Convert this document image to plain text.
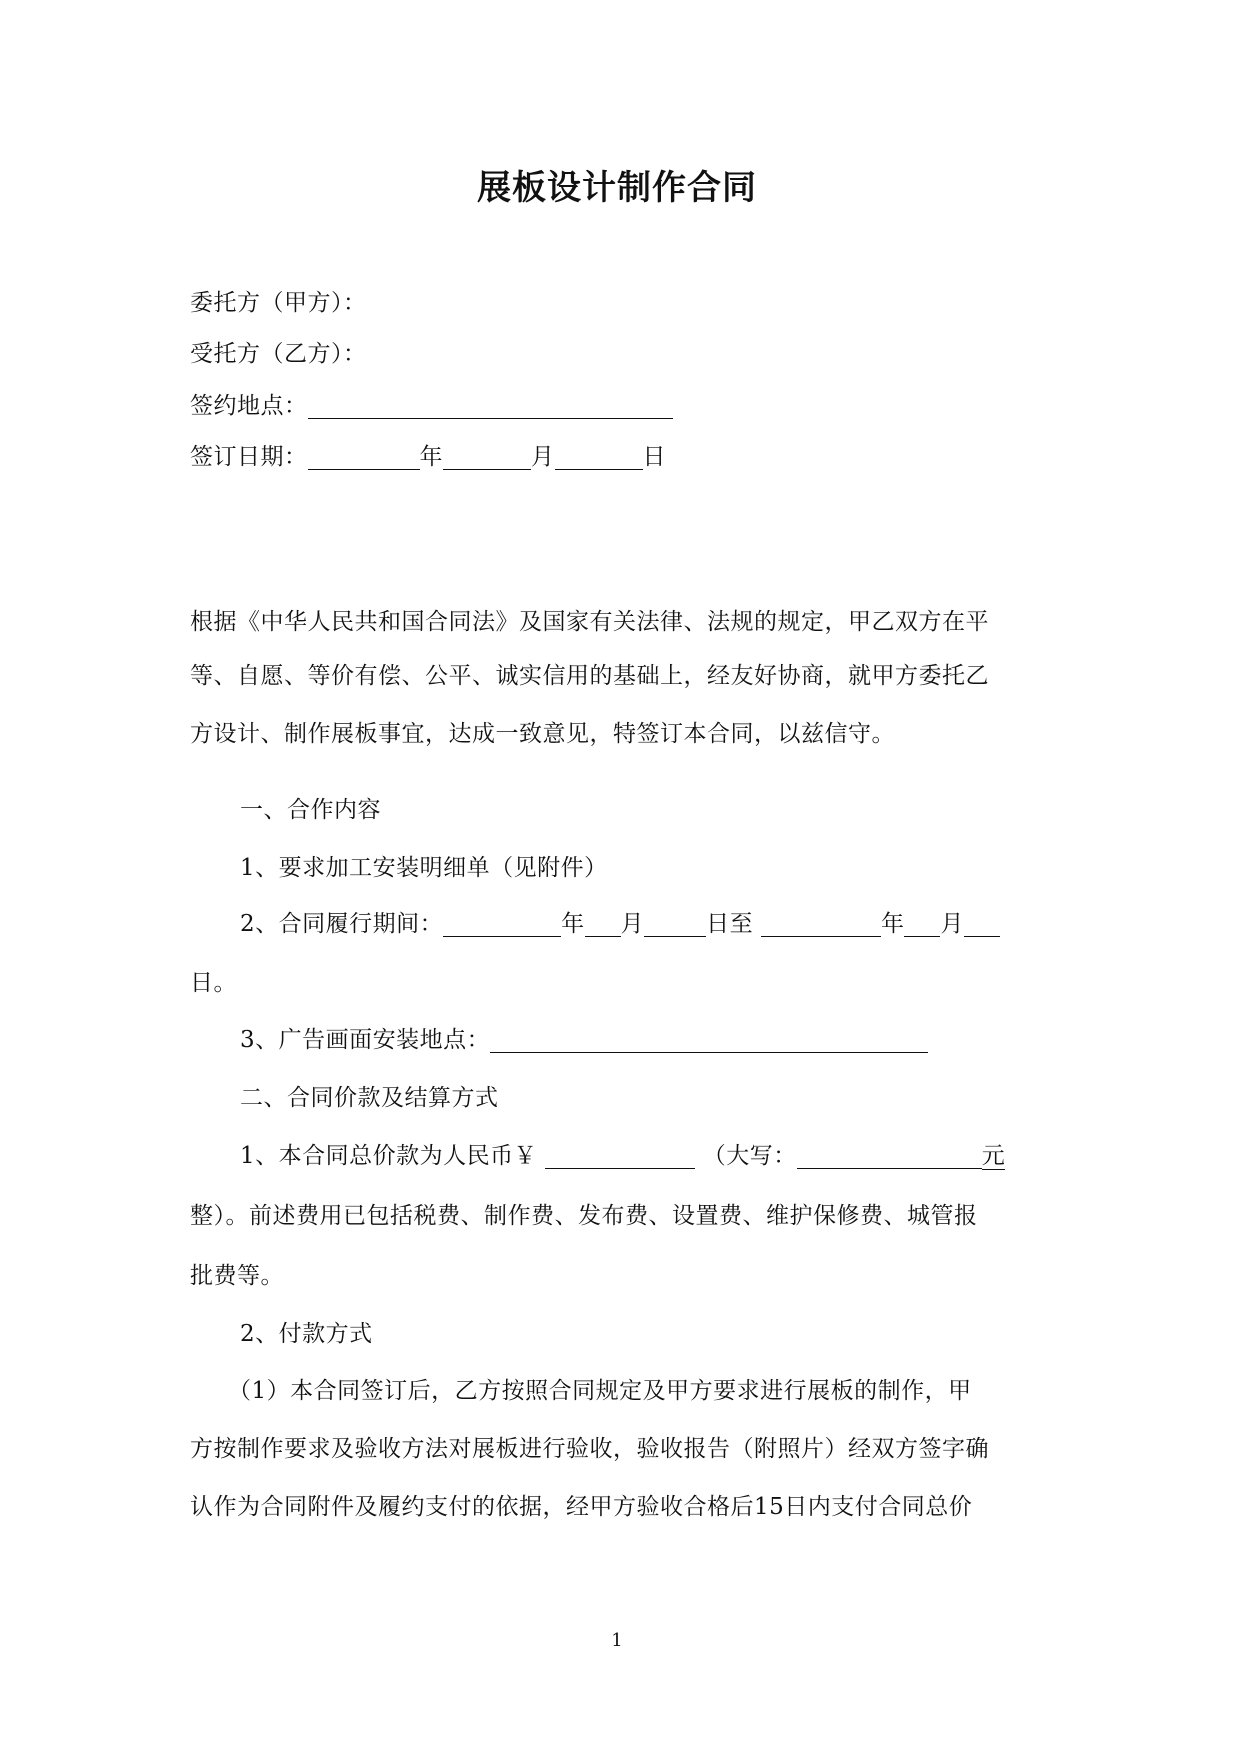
展板设计制作合同
委托方（甲方）：
受托方（乙方）：
签约地点：
签订日期：	年	月	日
根据《中华人民共和国合同法》及国家有关法律、法规的规定，甲乙双方在平
等、自愿、等价有偿、公平、诚实信用的基础上，经友好协商，就甲方委托乙
方设计、制作展板事宜，达成一致意见，特签订本合同，以兹信守。
一、合作内容
1、要求加工安装明细单（见附件）
2、合同履行期间：	年 月	日至	年 月
日。
3、广告画面安装地点：
二、合同价款及结算方式
1、本合同总价款为人民币￥	（大写：	元
整）。前述费用已包括税费、制作费、发布费、设置费、维护保修费、城管报
批费等。
2、付款方式
（1）本合同签订后，乙方按照合同规定及甲方要求进行展板的制作，甲
方按制作要求及验收方法对展板进行验收，验收报告（附照片）经双方签字确
认作为合同附件及履约支付的依据，经甲方验收合格后15日内支付合同总价
1
